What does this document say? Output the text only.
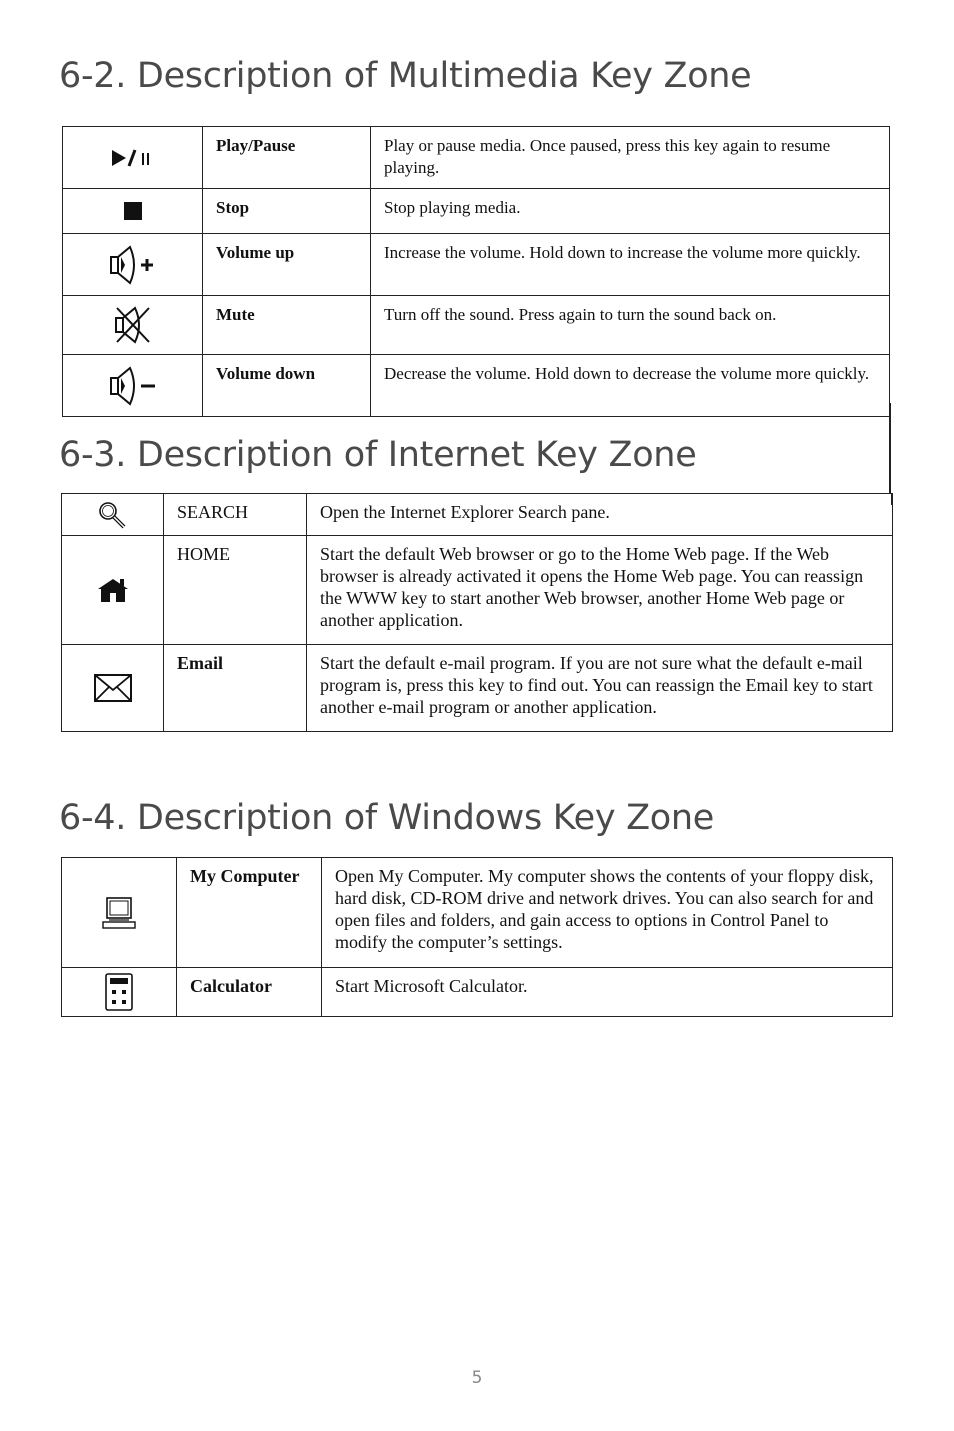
6-2. Description of Multimedia Key Zone
	Play/Pause	Play or pause media. Once paused, press this key again to resume playing.
	Stop	Stop playing media.
	Volume up	Increase the volume. Hold down to increase the volume more quickly.
	Mute	Turn off the sound. Press again to turn the sound back on.
	Volume down	Decrease the volume. Hold down to decrease the volume more quickly.
6-3. Description of Internet Key Zone
	SEARCH	Open the Internet Explorer Search pane.
	HOME	Start the default Web browser or go to the Home Web page. If the Web browser is already activated it opens the Home Web page. You can reassign the WWW key to start another Web browser, another Home Web page or another application.
	Email	Start the default e-mail program. If you are not sure what the default e-mail program is, press this key to find out. You can reassign the Email key to start another e-mail program or another application.
6-4. Description of Windows Key Zone
	My Computer	Open My Computer. My computer shows the contents of your floppy disk, hard disk, CD-ROM drive and network drives. You can also search for and open files and folders, and gain access to options in Control Panel to modify the computer’s settings.
	Calculator	Start Microsoft Calculator.
5
